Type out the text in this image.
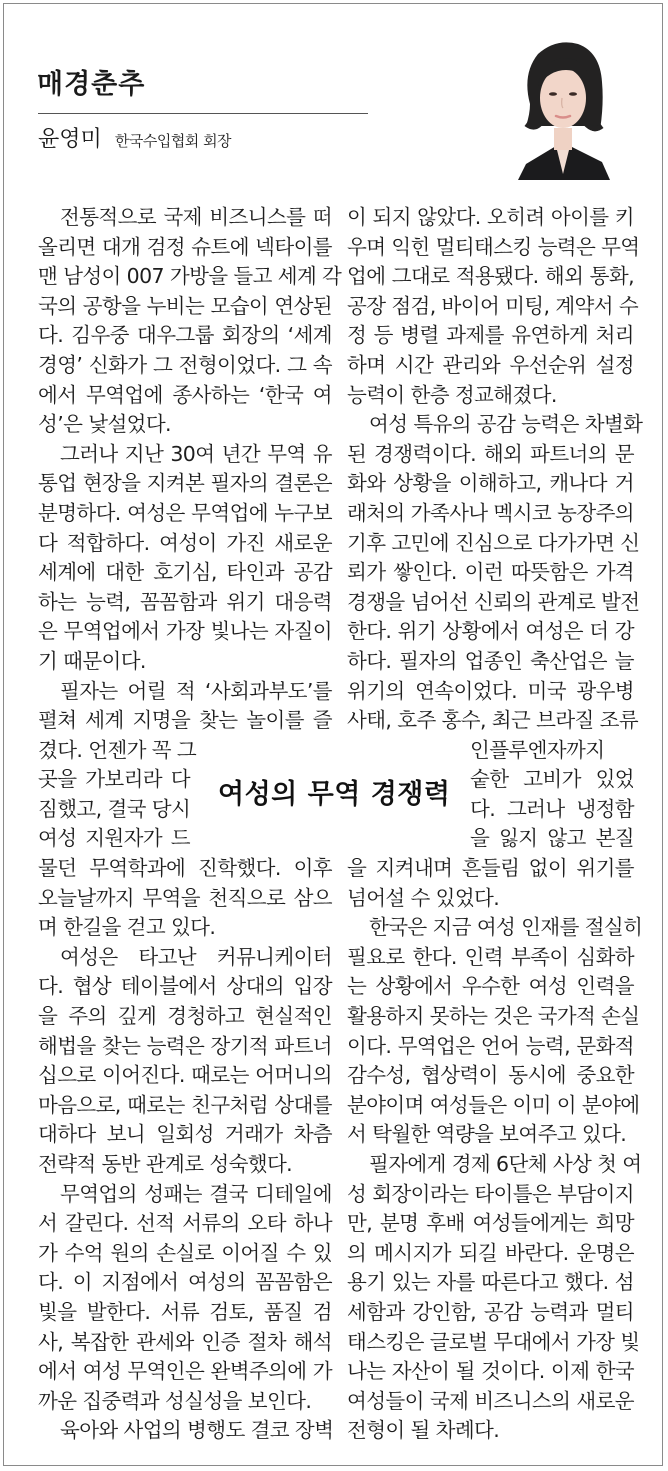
매경춘추
윤영미 한국수입협회 회장
여성의 무역 경쟁력
전통적으로 국제 비즈니스를 떠
올리면 대개 검정 슈트에 넥타이를
맨 남성이 007 가방을 들고 세계 각
국의 공항을 누비는 모습이 연상된
다. 김우중 대우그룹 회장의 ‘세계
경영’ 신화가 그 전형이었다. 그 속
에서 무역업에 종사하는 ‘한국 여
성’은 낯설었다.
그러나 지난 30여 년간 무역 유
통업 현장을 지켜본 필자의 결론은
분명하다. 여성은 무역업에 누구보
다 적합하다. 여성이 가진 새로운
세계에 대한 호기심, 타인과 공감
하는 능력, 꼼꼼함과 위기 대응력
은 무역업에서 가장 빛나는 자질이
기 때문이다.
필자는 어릴 적 ‘사회과부도’를
펼쳐 세계 지명을 찾는 놀이를 즐
겼다. 언젠가 꼭 그
곳을 가보리라 다
짐했고, 결국 당시
여성 지원자가 드
물던 무역학과에 진학했다. 이후
오늘날까지 무역을 천직으로 삼으
며 한길을 걷고 있다.
여성은 타고난 커뮤니케이터
다. 협상 테이블에서 상대의 입장
을 주의 깊게 경청하고 현실적인
해법을 찾는 능력은 장기적 파트너
십으로 이어진다. 때로는 어머니의
마음으로, 때로는 친구처럼 상대를
대하다 보니 일회성 거래가 차츰
전략적 동반 관계로 성숙했다.
무역업의 성패는 결국 디테일에
서 갈린다. 선적 서류의 오타 하나
가 수억 원의 손실로 이어질 수 있
다. 이 지점에서 여성의 꼼꼼함은
빛을 발한다. 서류 검토, 품질 검
사, 복잡한 관세와 인증 절차 해석
에서 여성 무역인은 완벽주의에 가
까운 집중력과 성실성을 보인다.
육아와 사업의 병행도 결코 장벽
이 되지 않았다. 오히려 아이를 키
우며 익힌 멀티태스킹 능력은 무역
업에 그대로 적용됐다. 해외 통화,
공장 점검, 바이어 미팅, 계약서 수
정 등 병렬 과제를 유연하게 처리
하며 시간 관리와 우선순위 설정
능력이 한층 정교해졌다.
여성 특유의 공감 능력은 차별화
된 경쟁력이다. 해외 파트너의 문
화와 상황을 이해하고, 캐나다 거
래처의 가족사나 멕시코 농장주의
기후 고민에 진심으로 다가가면 신
뢰가 쌓인다. 이런 따뜻함은 가격
경쟁을 넘어선 신뢰의 관계로 발전
한다. 위기 상황에서 여성은 더 강
하다. 필자의 업종인 축산업은 늘
위기의 연속이었다. 미국 광우병
사태, 호주 홍수, 최근 브라질 조류
인플루엔자까지
숱한 고비가 있었
다. 그러나 냉정함
을 잃지 않고 본질
을 지켜내며 흔들림 없이 위기를
넘어설 수 있었다.
한국은 지금 여성 인재를 절실히
필요로 한다. 인력 부족이 심화하
는 상황에서 우수한 여성 인력을
활용하지 못하는 것은 국가적 손실
이다. 무역업은 언어 능력, 문화적
감수성, 협상력이 동시에 중요한
분야이며 여성들은 이미 이 분야에
서 탁월한 역량을 보여주고 있다.
필자에게 경제 6단체 사상 첫 여
성 회장이라는 타이틀은 부담이지
만, 분명 후배 여성들에게는 희망
의 메시지가 되길 바란다. 운명은
용기 있는 자를 따른다고 했다. 섬
세함과 강인함, 공감 능력과 멀티
태스킹은 글로벌 무대에서 가장 빛
나는 자산이 될 것이다. 이제 한국
여성들이 국제 비즈니스의 새로운
전형이 될 차례다.
